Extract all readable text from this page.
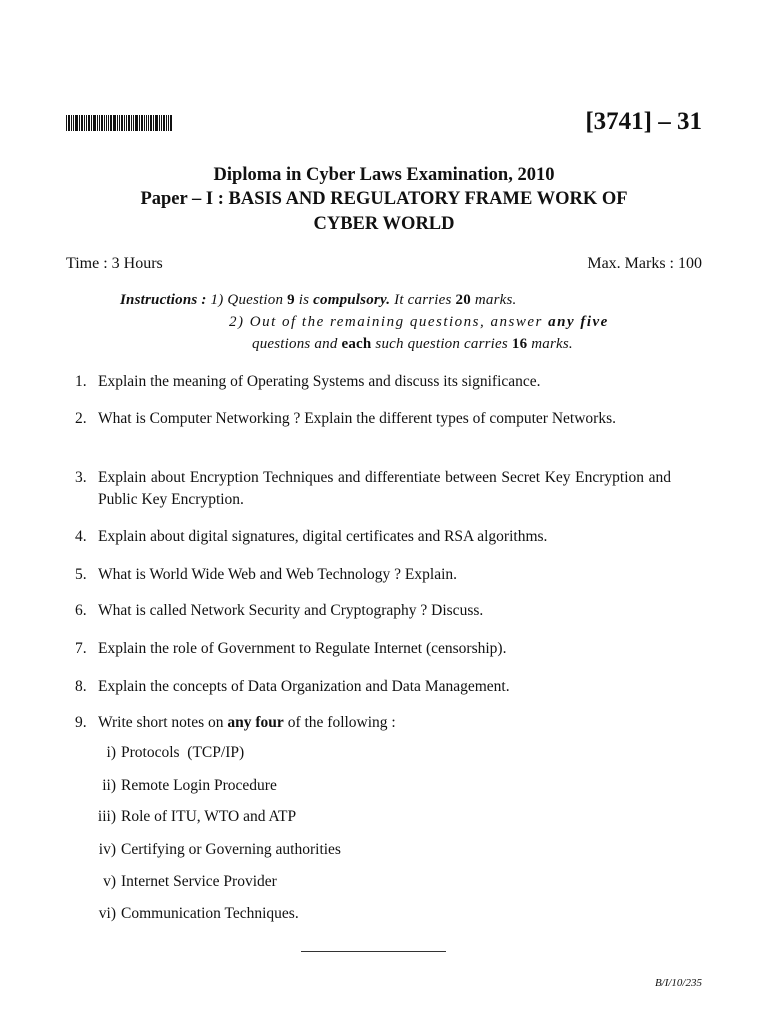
[3741] – 31
Diploma in Cyber Laws Examination, 2010
Paper – I : BASIS AND REGULATORY FRAME WORK OF
CYBER WORLD
Time : 3 Hours	Max. Marks : 100
Instructions : 1) Question 9 is compulsory. It carries 20 marks.
2) Out of the remaining questions, answer any five
questions and each such question carries 16 marks.
1. Explain the meaning of Operating Systems and discuss its significance.
2. What is Computer Networking ? Explain the different types of computer Networks.
3. Explain about Encryption Techniques and differentiate between Secret Key Encryption and Public Key Encryption.
4. Explain about digital signatures, digital certificates and RSA algorithms.
5. What is World Wide Web and Web Technology ? Explain.
6. What is called Network Security and Cryptography ? Discuss.
7. Explain the role of Government to Regulate Internet (censorship).
8. Explain the concepts of Data Organization and Data Management.
9. Write short notes on any four of the following :
i) Protocols  (TCP/IP)
ii) Remote Login Procedure
iii) Role of ITU, WTO and ATP
iv) Certifying or Governing authorities
v) Internet Service Provider
vi) Communication Techniques.
B/I/10/235
